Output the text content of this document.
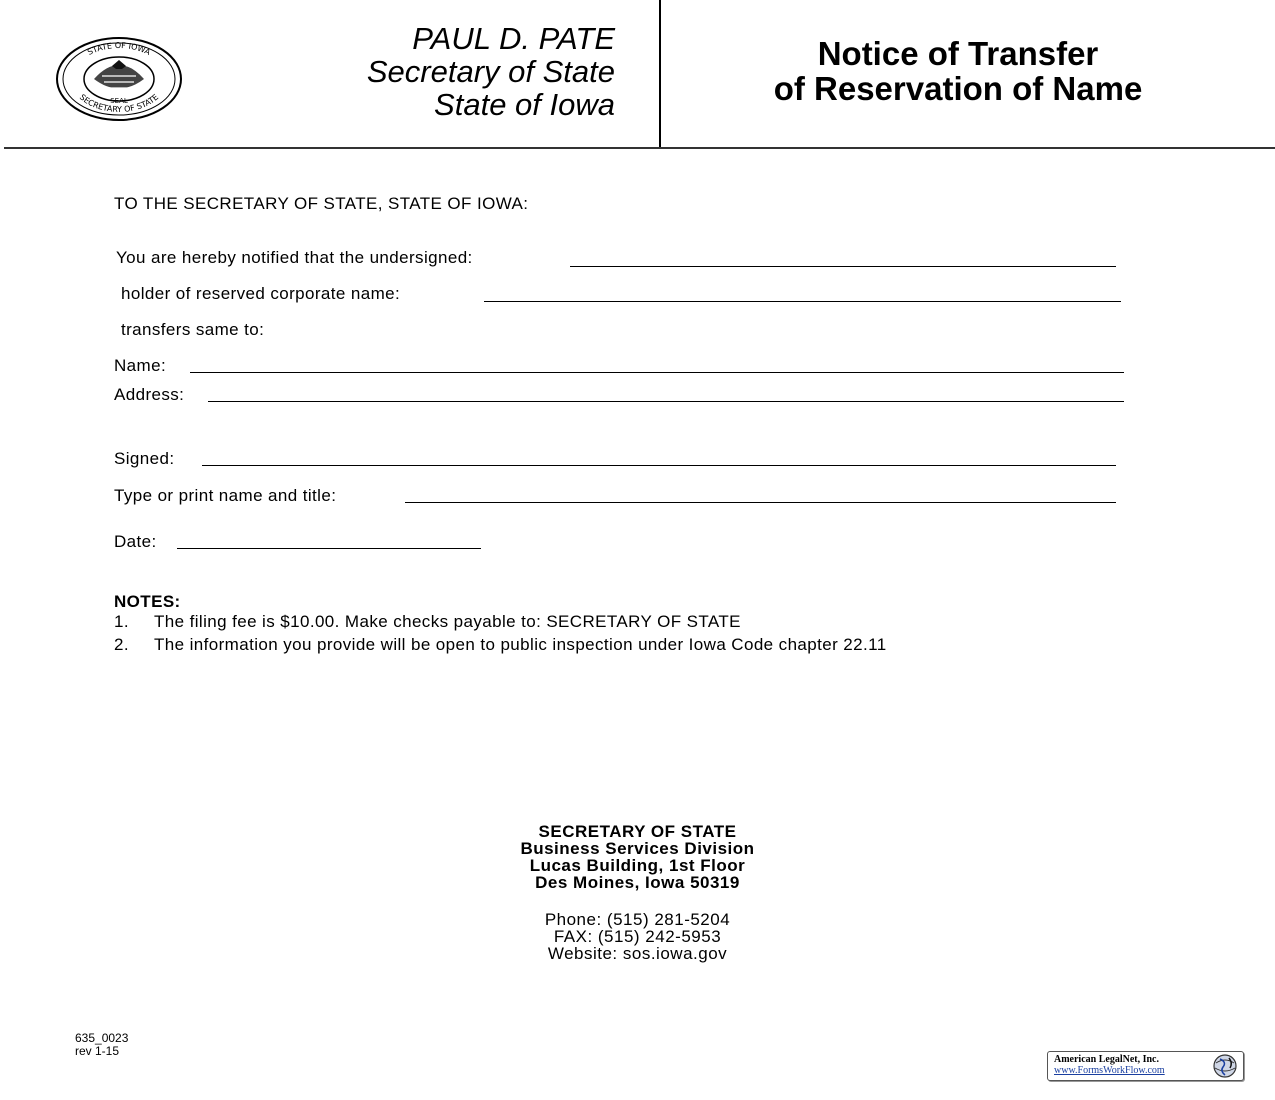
STATE OF IOWA
SECRETARY OF STATE
SEAL
PAUL D. PATE
Secretary of State
State of Iowa
Notice of Transfer
of Reservation of Name
TO THE SECRETARY OF STATE, STATE OF IOWA:
You are hereby notified that the undersigned:
holder of reserved corporate name:
transfers same to:
Name:
Address:
Signed:
Type or print name and title:
Date:
NOTES:
1. The filing fee is $10.00. Make checks payable to: SECRETARY OF STATE
2. The information you provide will be open to public inspection under Iowa Code chapter 22.11
SECRETARY OF STATE
Business Services Division
Lucas Building, 1st Floor
Des Moines, Iowa 50319
Phone: (515) 281-5204
FAX: (515) 242-5953
Website: sos.iowa.gov
635_0023
rev 1-15
American LegalNet, Inc.
www.FormsWorkFlow.com
